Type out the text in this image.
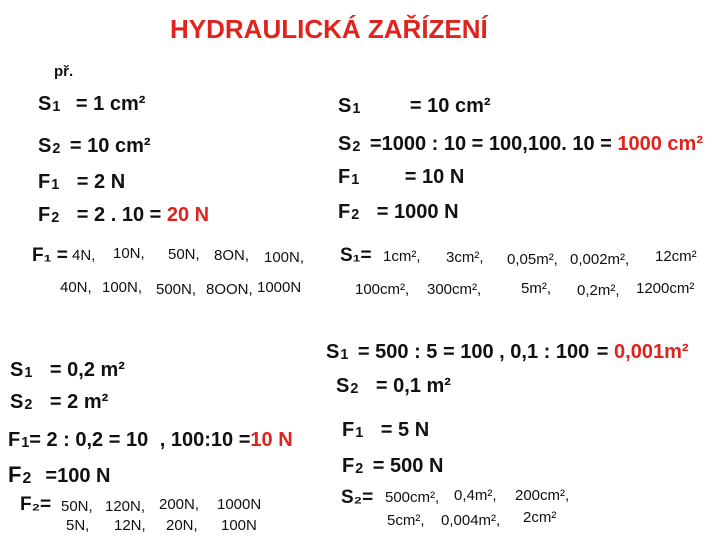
HYDRAULICKÁ ZAŘÍZENÍ
př.
S1 = 1 cm²
S2 = 10 cm²
F1 = 2 N
F2 = 2 . 10 = 20 N
F₁ = 4N, 10N, 50N, 8ON, 100N,
40N, 100N, 500N, 8OON, 1000N
S1 = 10 cm²
S2 =1000 : 10 = 100,100. 10 = 1000 cm²
F1 = 10 N
F2 = 1000 N
S₁= 1cm², 3cm², 0,05m², 0,002m², 12cm²
100cm², 300cm²,	5m², 0,2m², 1200cm²
S1 = 0,2 m²
S2 = 2 m²
F1= 2 : 0,2 = 10 , 100:10 =10 N
F2 =100 N
F₂= 50N, 120N, 200N, 1000N
5N, 12N, 20N, 100N
S1 = 500 : 5 = 100 , 0,1 : 100 = 0,001m²
S2 = 0,1 m²
F1 = 5 N
F2 = 500 N
S₂= 500cm², 0,4m², 200cm²,
5cm², 0,004m², 2cm²
